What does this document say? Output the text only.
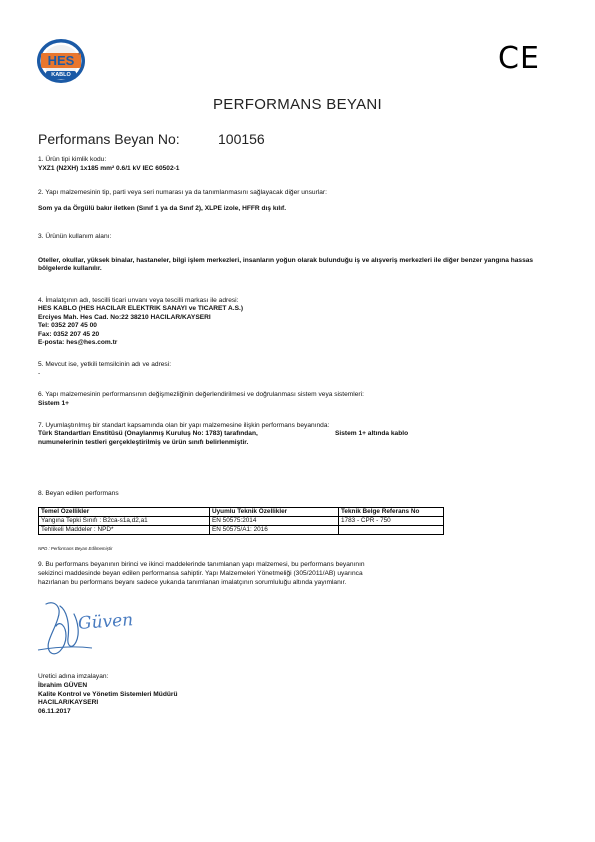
HES ®
KABLO	CE
PERFORMANS BEYANI
Performans Beyan No:	100156
1. Ürün tipi kimlik kodu:
YXZ1 (N2XH) 1x185 mm² 0.6/1 kV IEC 60502-1
2. Yapı malzemesinin tip, parti veya seri numarası ya da tanımlanmasını sağlayacak diğer unsurlar:
Som ya da Örgülü bakır iletken (Sınıf 1 ya da Sınıf 2), XLPE izole, HFFR dış kılıf.
3. Ürünün kullanım alanı:
Oteller, okullar, yüksek binalar, hastaneler, bilgi işlem merkezleri, insanların yoğun olarak bulunduğu iş ve alışveriş merkezleri ile diğer benzer yangına hassas bölgelerde kullanılır.
4. İmalatçının adı, tescilli ticari unvanı veya tescilli markası ile adresi:
HES KABLO (HES HACILAR ELEKTRIK SANAYI ve TICARET A.S.)
Erciyes Mah. Hes Cad. No:22 38210 HACILAR/KAYSERI
Tel: 0352 207 45 00
Fax: 0352 207 45 20
E-posta: hes@hes.com.tr
5. Mevcut ise, yetkili temsilcinin adı ve adresi:
-
6. Yapı malzemesinin performansının değişmezliğinin değerlendirilmesi ve doğrulanması sistem veya sistemleri:
Sistem 1+
7. Uyumlaştırılmış bir standart kapsamında olan bir yapı malzemesine ilişkin performans beyanında:
Türk Standartları Enstitüsü (Onaylanmış Kuruluş No: 1783) tarafından,	Sistem 1+ altında kablo
numunelerinin testleri gerçekleştirilmiş ve ürün sınıfı belirlenmiştir.
8. Beyan edilen performans
Temel Özellikler	Uyumlu Teknik Özellikler	Teknik Belge Referans No
Yangına Tepki Sınıfı : B2ca-s1a,d2,a1	EN 50575:2014	1783 - CPR - 750
Tehlikeli Maddeler : NPD*	EN 50575/A1: 2016	
NPD : Performans Beyan Edilmemiştir
9. Bu performans beyanının birinci ve ikinci maddelerinde tanımlanan yapı malzemesi, bu performans beyanının
sekizinci maddesinde beyan edilen performansa sahiptir. Yapı Malzemeleri Yönetmeliği (305/2011/AB) uyarınca
hazırlanan bu performans beyanı sadece yukarıda tanımlanan imalatçının sorumluluğu altında yayımlanır.
Güven
Uretici adına imzalayan:
İbrahim GÜVEN
Kalite Kontrol ve Yönetim Sistemleri Müdürü
HACILAR/KAYSERI
06.11.2017
